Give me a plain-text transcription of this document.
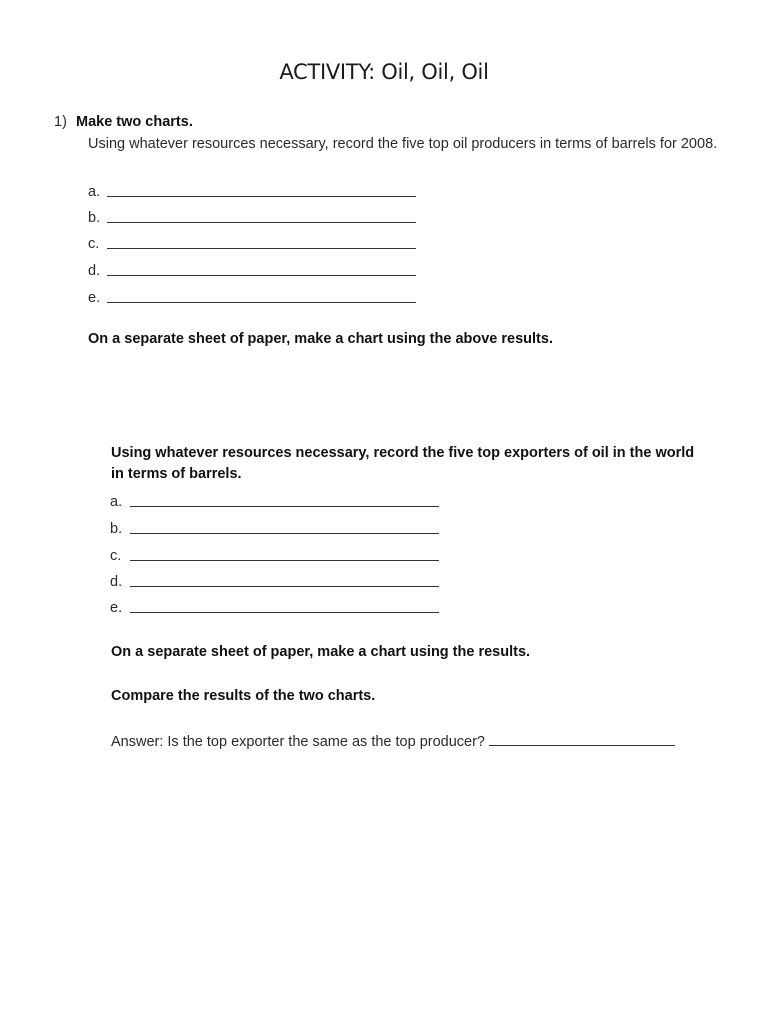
ACTIVITY: Oil, Oil, Oil
1) Make two charts.
Using whatever resources necessary, record the five top oil producers in terms of barrels for 2008.
a.
b.
c.
d.
e.
On a separate sheet of paper, make a chart using the above results.
Using whatever resources necessary, record the five top exporters of oil in the world in terms of barrels.
a.
b.
c.
d.
e.
On a separate sheet of paper, make a chart using the results.
Compare the results of the two charts.
Answer: Is the top exporter the same as the top producer?
